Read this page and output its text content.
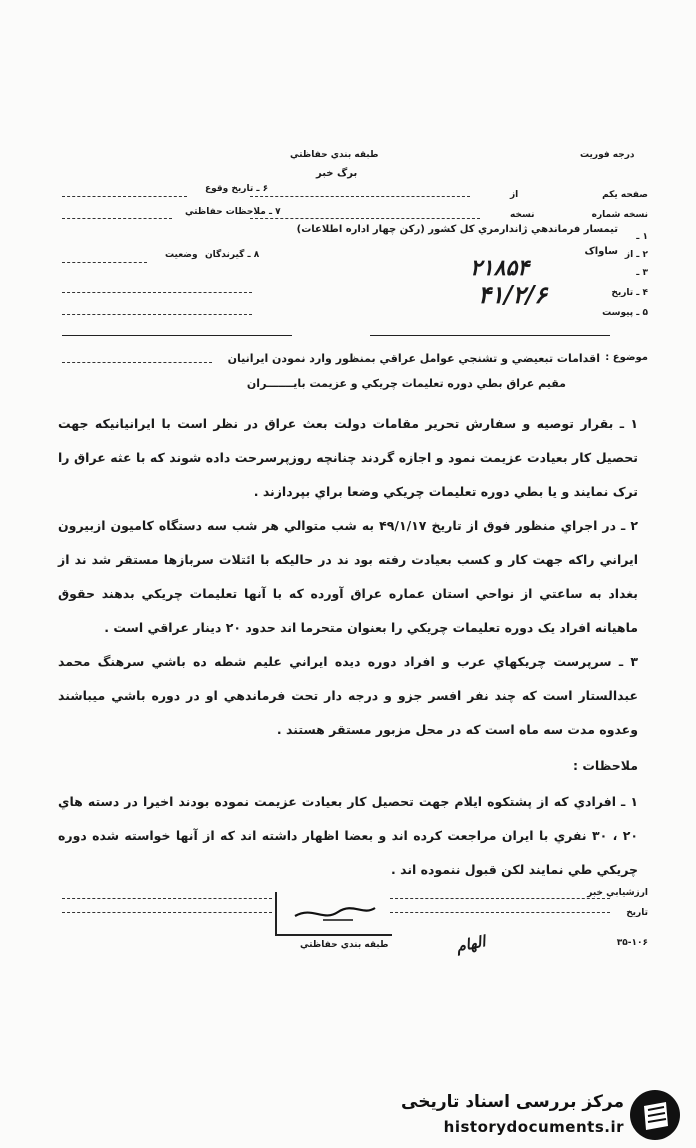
طبقه بندي حفاظتي	درجه فوريت
برگ خبر
صفحه يکم
نسخه شماره
۱ ـ
۲ ـ از
۳ ـ
۴ ـ تاريخ
۵ ـ پيوست
از
نسخه
۶ ـ تاريخ وقوع
۷ ـ ملاحظات حفاظتي
۸ ـ گيرندگان
وضعيت
تيمسار فرماندهي ژاندارمري کل کشور (رکن چهار اداره اطلاعات)
ساواک
۲۱۸۵۴
۴۱/۲/۶
موضوع :
اقدامات تبعيضي و تشنجي عوامل عراقي بمنظور وارد نمودن ايرانيان
مقيم عراق بطي دوره تعليمات چريکي و عزيمت بايـــــــران
۱ ـ بقرار توصيه و سفارش تحرير مقامات دولت بعث عراق در نظر است با ايرانيانيکه جهت تحصيل کار بعيادت عزيمت نمود و اجازه گردند چنانچه روزپرسرحت داده شوند که با عثه عراق را ترک نمايند و يا بطي دوره تعليمات چريکي وضعا براي بپردازند .
۲ ـ در اجراي منظور فوق از تاريخ ۴۹/۱/۱۷ به شب متوالي هر شب سه دستگاه کاميون ازبيرون ايراني راکه جهت کار و کسب بعيادت رفته بود ند در حاليکه با ائتلات سربازها مستقر شد ند از بغداد به ساعتي از نواحي استان عماره عراق آورده که با آنها تعليمات چريکي بدهند حقوق ماهيانه افراد يک دوره تعليمات چريکي را بعنوان متحرما اند حدود ۲۰ دينار عراقي است .
۳ ـ سرپرست چريکهاي عرب و افراد دوره ديده ايراني عليم شطه ده باشي سرهنگ محمد عبدالستار است که چند نفر افسر جزو و درجه دار تحت فرماندهي او در دوره باشي ميباشند وعدوه مدت سه ماه است که در محل مزبور مستقر هستند .
ملاحظات :
۱ ـ افرادي که از پشتکوه ايلام جهت تحصيل کار بعيادت عزيمت نموده بودند اخيرا در دسته هاي ۲۰ ، ۳۰ نفري با ايران مراجعت کرده اند و بعضا اظهار داشته اند که از آنها خواسته شده دوره چريکي طي نمايند لکن قبول ننموده اند .
ارزشيابي خبر
تاريخ
۳۵-۱۰۶
طبقه بندي حفاظتي	الهام
مرکز بررسی اسناد تاریخی
historydocuments.ir
